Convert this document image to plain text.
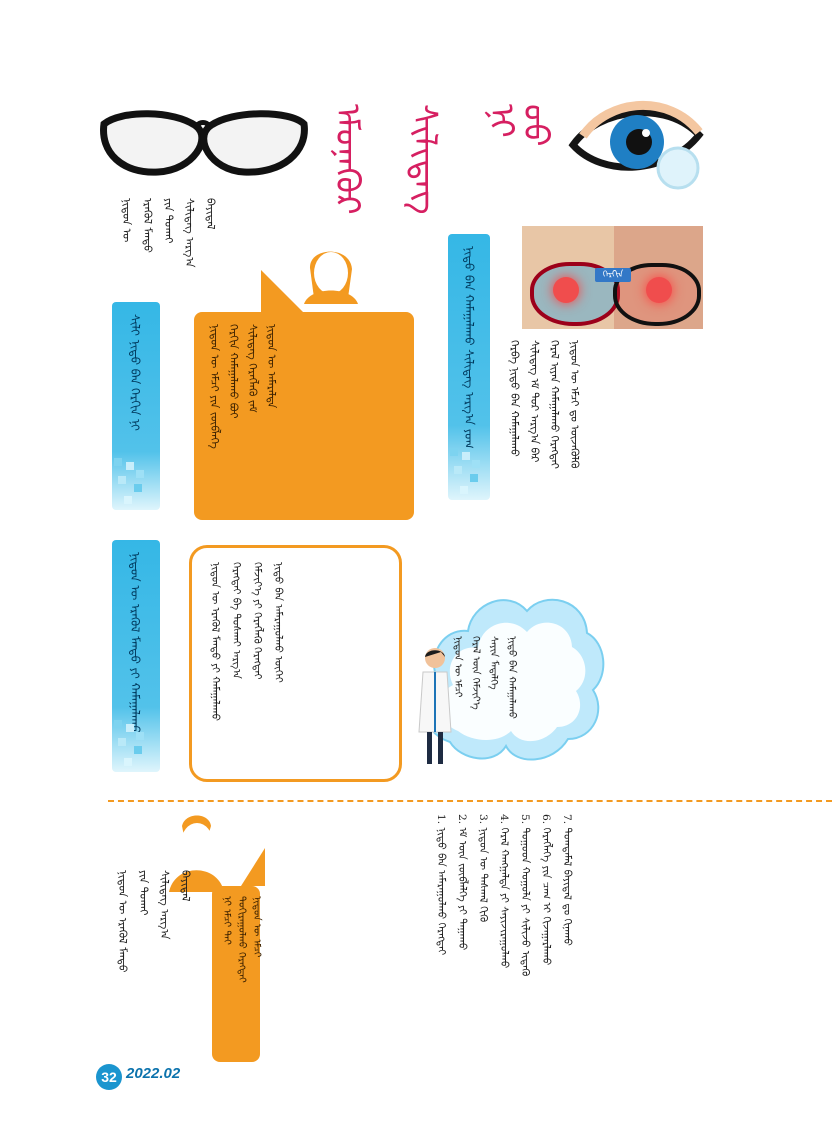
ᠡᠮᠦᠨᠡᠭᠦᠷ ᠰᠢᠯᠢᠳᠡᠭ ᠨᠢ ᠦᠦ
ᠬᠡᠷᠬᠢᠨ
ᠨᠢᠳᠦ ᠪᠡᠨ ᠬᠠᠮᠠᠭᠠᠯᠠᠬᠤ ᠰᠢᠯᠢᠳᠡᠭ ᠠᠷᠭ᠎ᠠ ᠶᠤᠭ
ᠰᠢᠯᠢ ᠨᠢᠳᠦ ᠪᠡᠨ ᠬᠡᠷᠬᠢᠨ ᠨᠢ
ᠨᠢᠳᠦᠨ ᠦ ᠡᠷᠡᠭᠦᠯ ᠮᠡᠨᠳᠦ ᠶᠢ ᠬᠠᠮᠠᠭᠠᠯᠠᠬᠤ
ᠨᠢᠳᠦᠨ ᠦ ᠡᠮᠴᠢ ᠶᠢᠨ ᠵᠥᠪᠯᠡᠭᠡ
ᠬᠡᠷᠬᠢᠨ ᠬᠠᠮᠠᠭᠠᠯᠠᠬᠤ ᠪᠤᠢ
ᠰᠢᠯᠢᠳᠡᠭ ᠬᠡᠷᠡᠭᠯᠡᠬᠦ ᠵᠠᠮ
ᠨᠢᠳᠦᠨ ᠦ ᠠᠮᠠᠷᠠᠯᠲᠠ
ᠨᠢ ᠡᠮᠴᠢ ᠲᠠᠢ
ᠲᠣᠬᠢᠷᠠᠭᠤᠯᠬᠤ ᠬᠡᠷᠡᠭᠲᠡᠢ
ᠨᠢᠳᠦᠨ ᠦ ᠡᠮᠴᠢ
ᠨᠢᠳᠦᠨ ᠦ ᠡᠷᠡᠭᠦᠯ ᠮᠡᠨᠳᠦ ᠶᠢ ᠬᠠᠮᠠᠭᠠᠯᠠᠬᠤ
ᠬᠡᠷᠡᠭᠲᠡᠢ ᠪᠠ ᠲᠤᠰᠬᠠᠢ ᠠᠷᠭ᠎ᠠ
ᠬᠡᠮᠵᠢᠶ᠎ᠡ ᠶᠢ ᠬᠡᠷᠡᠭᠯᠡᠬᠦ ᠬᠡᠷᠡᠭᠲᠡᠢ
ᠨᠢᠳᠦ ᠪᠡᠨ ᠠᠮᠠᠷᠠᠭᠤᠯᠬᠤ ᠦᠭᠡᠢ
ᠨᠢᠳᠦᠨ ᠦ ᠡᠮᠴᠢ
ᠭᠡᠷᠡᠯ ᠦᠨ ᠬᠡᠮᠵᠢᠶ᠎ᠡ
ᠰᠠᠶᠢᠨ ᠮᠡᠳᠡᠯᠭᠡ
ᠨᠢᠳᠦ ᠪᠡᠨ ᠬᠠᠮᠠᠭᠠᠯᠠᠬᠤ
ᠨᠢᠳᠦᠨ ᠦ ᠡᠷᠡᠭᠦᠯ ᠮᠡᠨᠳᠦ
ᠶᠢᠨ ᠲᠤᠬᠠᠢ
ᠰᠢᠯᠢᠳᠡᠭ ᠠᠷᠭ᠎ᠠ
ᠪᠠᠶᠢᠳᠠᠯ
ᠬᠡᠷᠪᠡ ᠨᠢᠳᠦ ᠪᠡᠨ ᠬᠠᠮᠠᠭᠠᠯᠠᠬᠤ
ᠰᠢᠯᠢᠳᠡᠭ ᠡᠮ ᠳᠤᠷ ᠠᠷᠭ᠎ᠠ ᠪᠡᠷ
ᠭᠡᠷᠡᠯ ᠢᠶᠡᠨ ᠬᠠᠮᠠᠭᠠᠯᠠᠬᠤ ᠬᠡᠷᠡᠭᠲᠡᠢ
ᠨᠢᠳᠦᠨ ᠦ ᠡᠮᠴᠢ ᠳᠤ ᠦᠵᠡᠭᠦᠯᠬᠦ
1. ᠨᠢᠳᠦ ᠪᠡᠨ ᠠᠮᠠᠷᠠᠭᠤᠯᠬᠤ ᠬᠡᠷᠡᠭᠲᠡᠢ
2. ᠡᠮ ᠦᠨ ᠵᠦᠪᠯᠡᠯᠭᠡ ᠶᠢ ᠳᠠᠭᠠᠬᠤ
3. ᠨᠢᠳᠦᠨ ᠦ ᠳᠠᠰᠬᠠᠯ ᠬᠢᠬᠦ
4. ᠭᠡᠷᠡᠯ ᠬᠠᠩᠭᠠᠯᠲᠠ ᠶᠢ ᠰᠠᠶᠢᠵᠢᠷᠠᠭᠤᠯᠬᠤ
5. ᠳᠤᠭᠤᠳ ᠬᠣᠭᠣᠯᠠ ᠶᠢ ᠰᠢᠯᠢᠵᠦ ᠢᠳᠡᠬᠦ
6. ᠬᠡᠷᠡᠭᠯᠡᠭᠡ ᠶᠢᠨ ᠴᠠᠭ ᠢ ᠬᠢᠵᠠᠭᠠᠷᠯᠠᠬᠤ
7. ᠲᠣᠭᠲᠠᠮᠠᠯ ᠪᠠᠶᠢᠳᠠᠯ ᠳᠤ ᠬᠢᠨᠠᠬᠤ
ᠨᠢᠳᠦᠨ ᠦ ᠡᠷᠡᠭᠦᠯ ᠮᠡᠨᠳᠦ
ᠶᠢᠨ ᠲᠤᠬᠠᠢ
ᠰᠢᠯᠢᠳᠡᠭ ᠠᠷᠭ᠎ᠠ
ᠪᠠᠶᠢᠳᠠᠯ
32 2022.02
